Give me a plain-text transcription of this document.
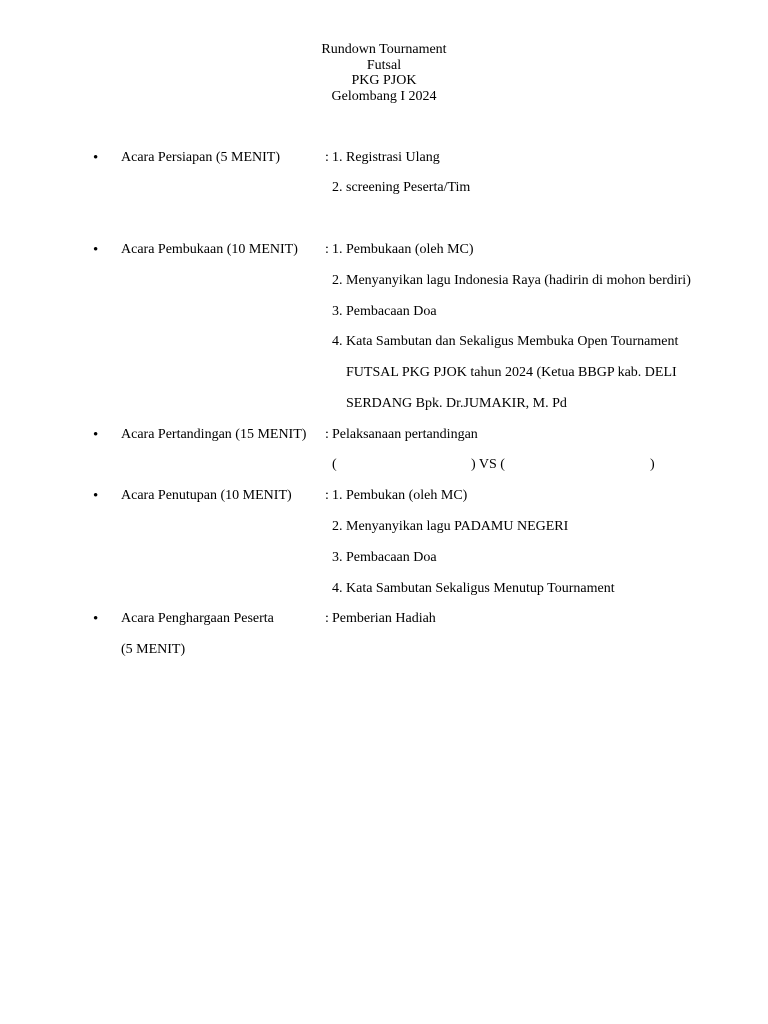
Rundown Tournament
Futsal
PKG PJOK
Gelombang I 2024
• Acara Persiapan (5 MENIT)	: 1. Registrasi Ulang
2. screening Peserta/Tim
• Acara Pembukaan (10 MENIT) : 1. Pembukaan (oleh MC)
2. Menyanyikan lagu Indonesia Raya (hadirin di mohon berdiri)
3. Pembacaan Doa
4. Kata Sambutan dan Sekaligus Membuka Open Tournament
FUTSAL PKG PJOK tahun 2024 (Ketua BBGP kab. DELI
SERDANG Bpk. Dr.JUMAKIR, M. Pd
• Acara Pertandingan (15 MENIT) : Pelaksanaan pertandingan
(	) VS (	)
• Acara Penutupan (10 MENIT) : 1. Pembukan (oleh MC)
2. Menyanyikan lagu PADAMU NEGERI
3. Pembacaan Doa
4. Kata Sambutan Sekaligus Menutup Tournament
• Acara Penghargaan Peserta	: Pemberian Hadiah
(5 MENIT)
